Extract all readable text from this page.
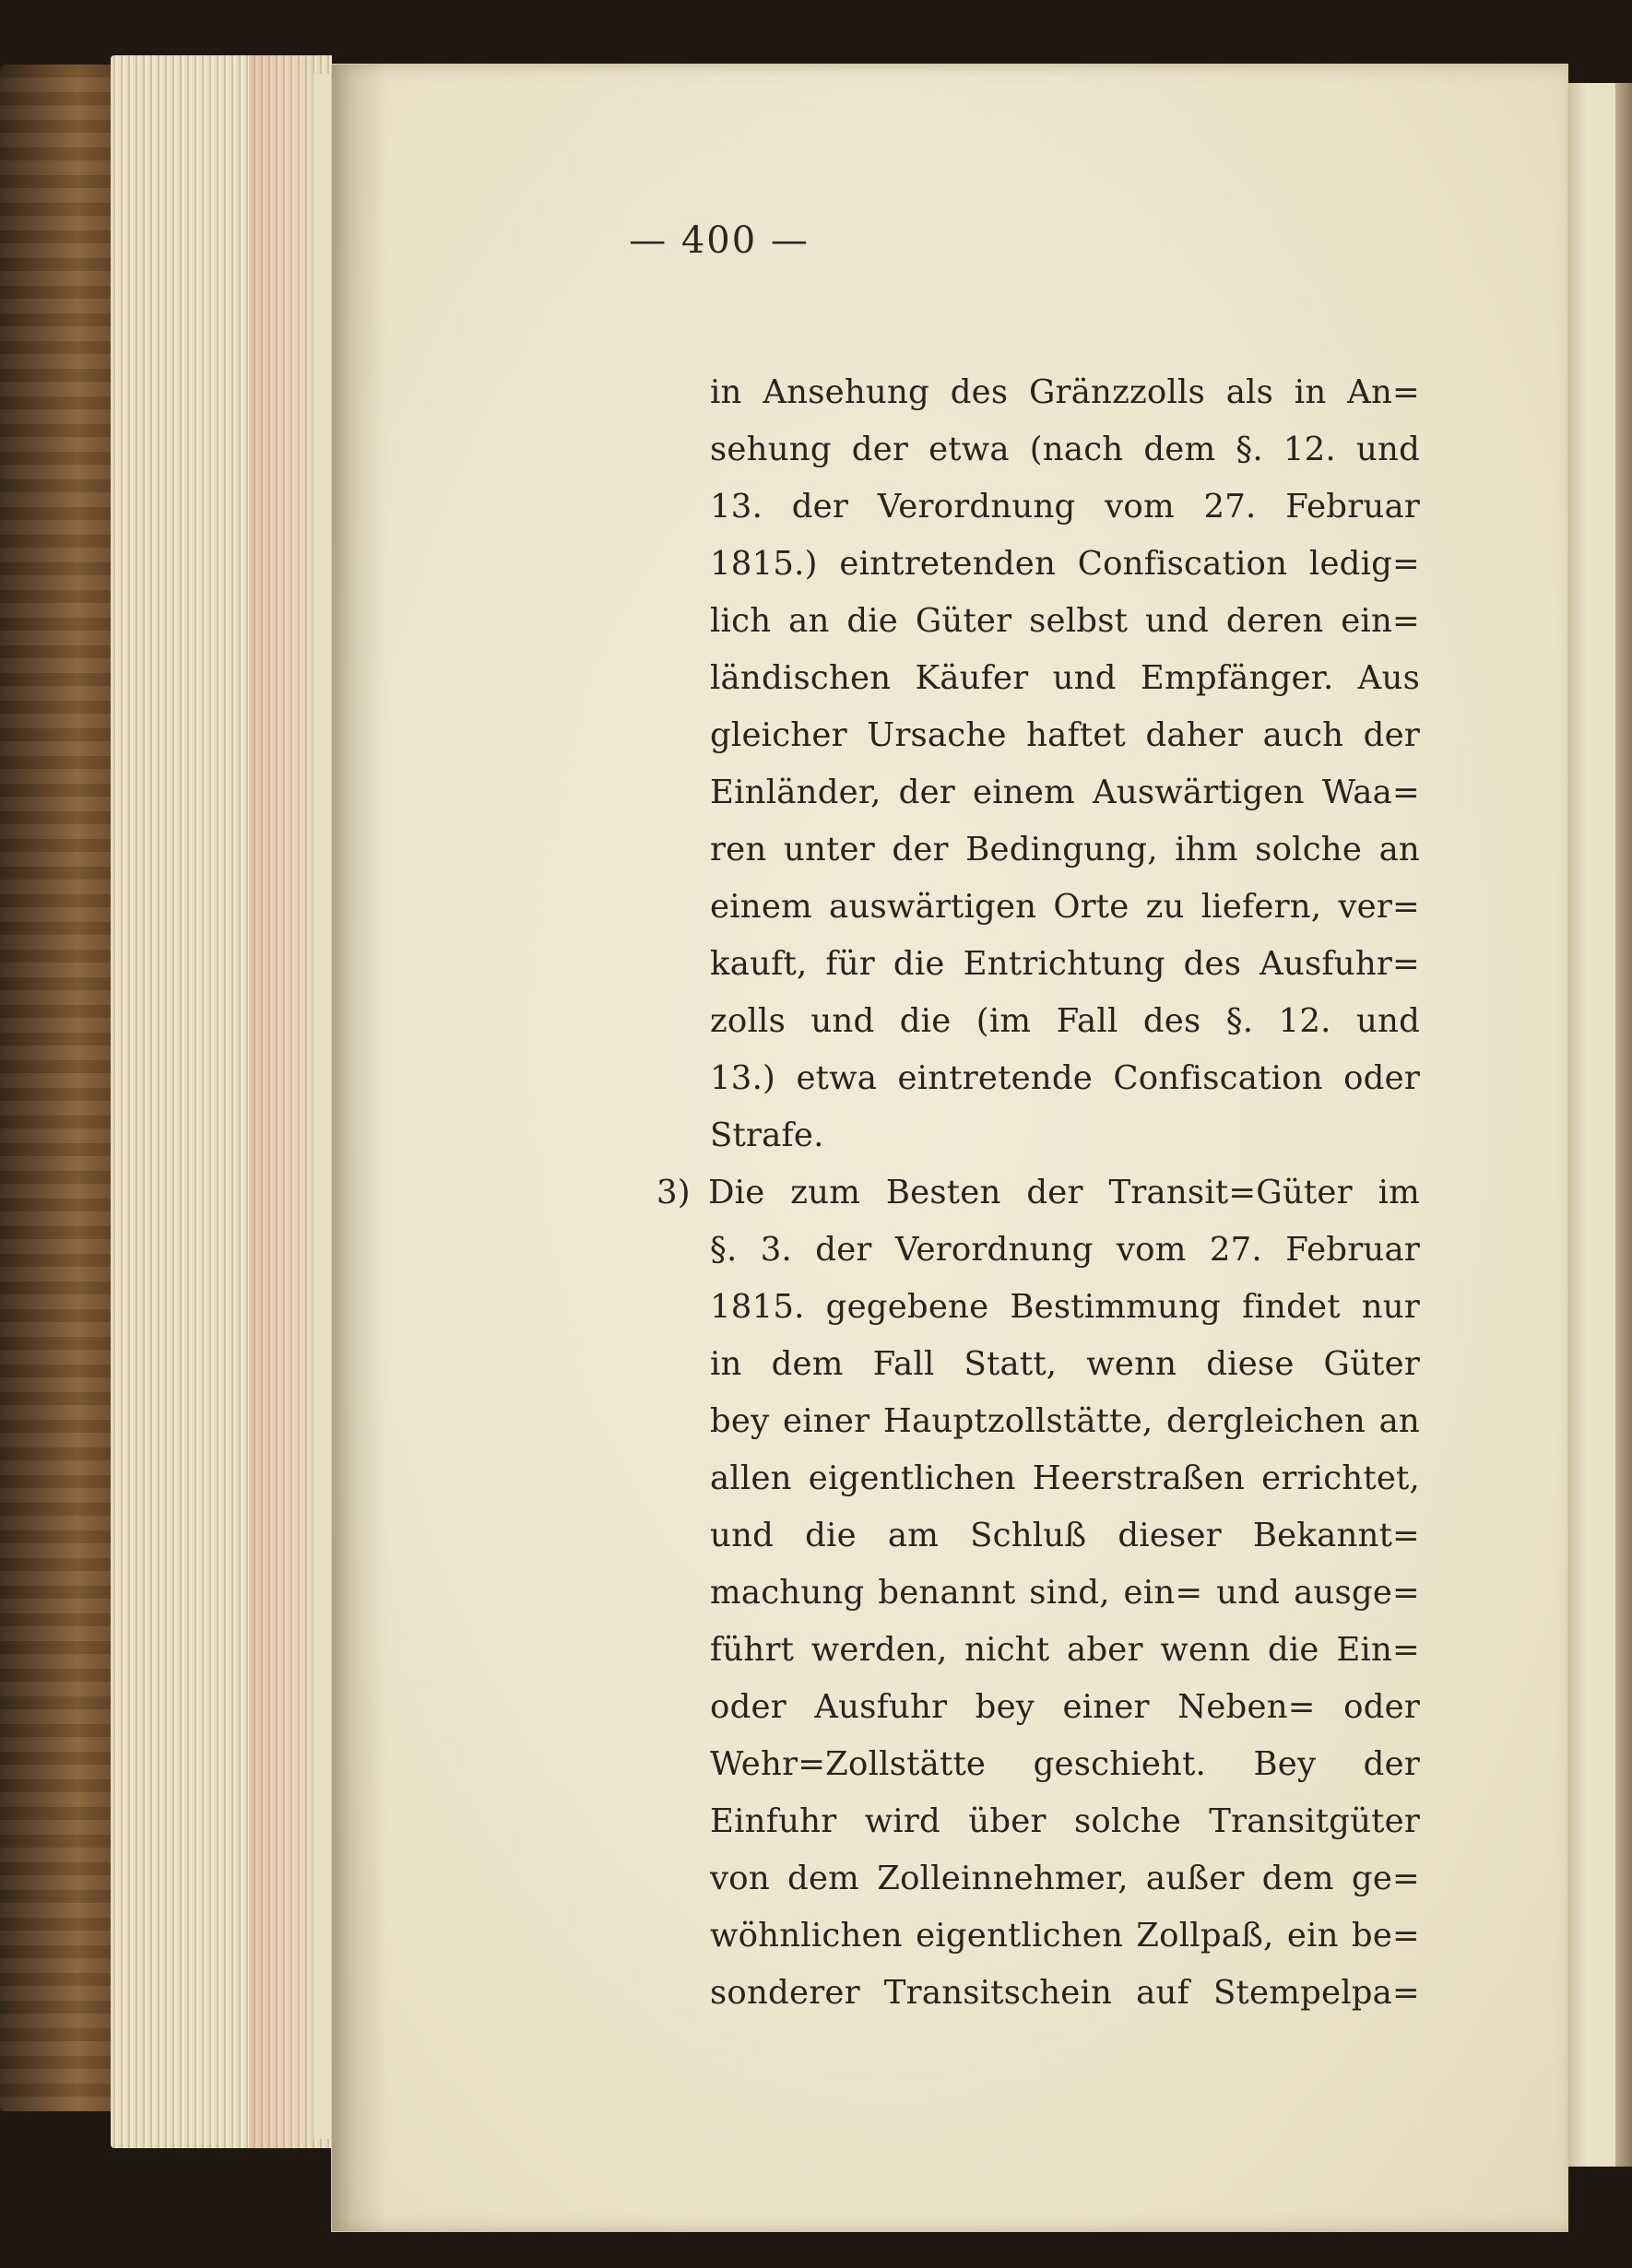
— 400 —
in Ansehung des Gränzzolls als in An=
sehung der etwa (nach dem §. 12. und
13. der Verordnung vom 27. Februar
1815.) eintretenden Confiscation ledig=
lich an die Güter selbst und deren ein=
ländischen Käufer und Empfänger. Aus
gleicher Ursache haftet daher auch der
Einländer, der einem Auswärtigen Waa=
ren unter der Bedingung, ihm solche an
einem auswärtigen Orte zu liefern, ver=
kauft, für die Entrichtung des Ausfuhr=
zolls und die (im Fall des §. 12. und
13.) etwa eintretende Confiscation oder
Strafe.
3) Die zum Besten der Transit=Güter im
§. 3. der Verordnung vom 27. Februar
1815. gegebene Bestimmung findet nur
in dem Fall Statt, wenn diese Güter
bey einer Hauptzollstätte, dergleichen an
allen eigentlichen Heerstraßen errichtet,
und die am Schluß dieser Bekannt=
machung benannt sind, ein= und ausge=
führt werden, nicht aber wenn die Ein=
oder Ausfuhr bey einer Neben= oder
Wehr=Zollstätte geschieht. Bey der
Einfuhr wird über solche Transitgüter
von dem Zolleinnehmer, außer dem ge=
wöhnlichen eigentlichen Zollpaß, ein be=
sonderer Transitschein auf Stempelpa=
